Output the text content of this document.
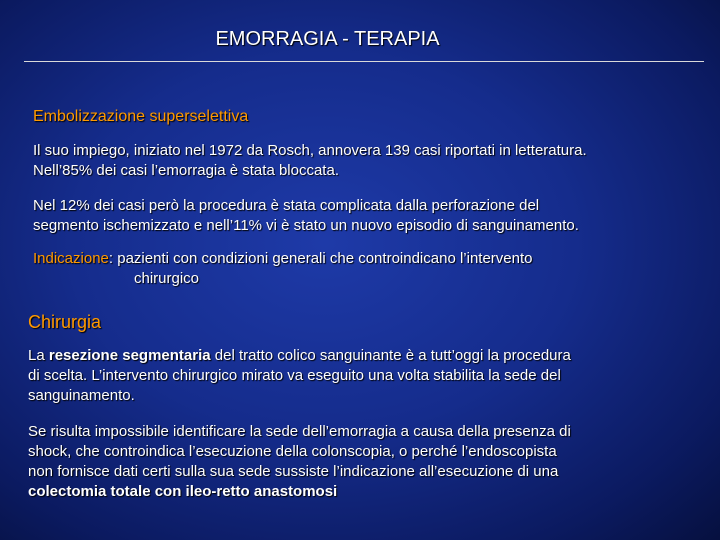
EMORRAGIA - TERAPIA
Embolizzazione superselettiva

Il suo impiego, iniziato nel 1972 da Rosch, annovera 139 casi riportati in letteratura.
Nell’85% dei casi l’emorragia è stata bloccata.

Nel 12% dei casi però la procedura è stata complicata dalla perforazione del
segmento ischemizzato e nell’11% vi è stato un nuovo episodio di sanguinamento.

Indicazione: pazienti con condizioni generali che controindicano l’intervento
chirurgico

Chirurgia

La resezione segmentaria del tratto colico sanguinante è a tutt’oggi la procedura
di scelta. L’intervento chirurgico mirato va eseguito una volta stabilita la sede del
sanguinamento.

Se risulta impossibile identificare la sede dell’emorragia a causa della presenza di
shock, che controindica l’esecuzione della colonscopia, o perché l’endoscopista
non fornisce dati certi sulla sua sede sussiste l’indicazione all’esecuzione di una
colectomia totale con ileo-retto anastomosi
